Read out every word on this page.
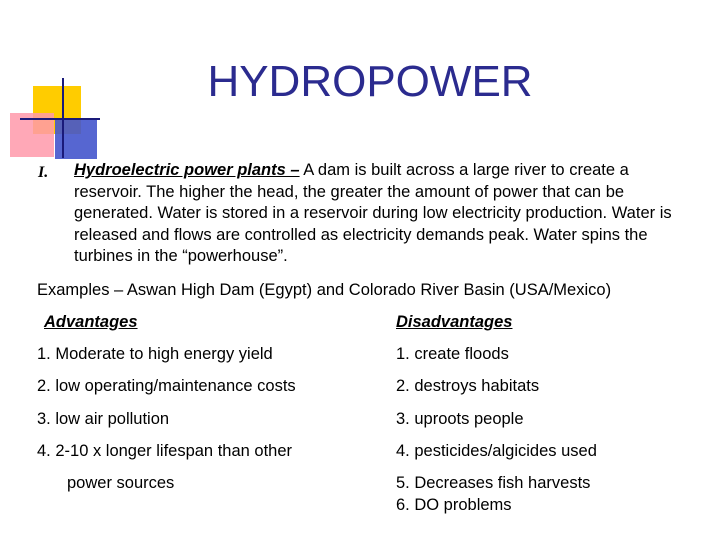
HYDROPOWER
I. Hydroelectric power plants – A dam is built across a large river to create a reservoir. The higher the head, the greater the amount of power that can be generated. Water is stored in a reservoir during low electricity production. Water is released and flows are controlled as electricity demands peak. Water spins the turbines in the “powerhouse”.
Examples – Aswan High Dam (Egypt) and Colorado River Basin (USA/Mexico)
Advantages	Disadvantages
1. Moderate to high energy yield
2. low operating/maintenance costs
3. low air pollution
4. 2-10 x longer lifespan than other
power sources
1. create floods
2. destroys habitats
3. uproots people
4. pesticides/algicides used
5. Decreases fish harvests
6. DO problems
